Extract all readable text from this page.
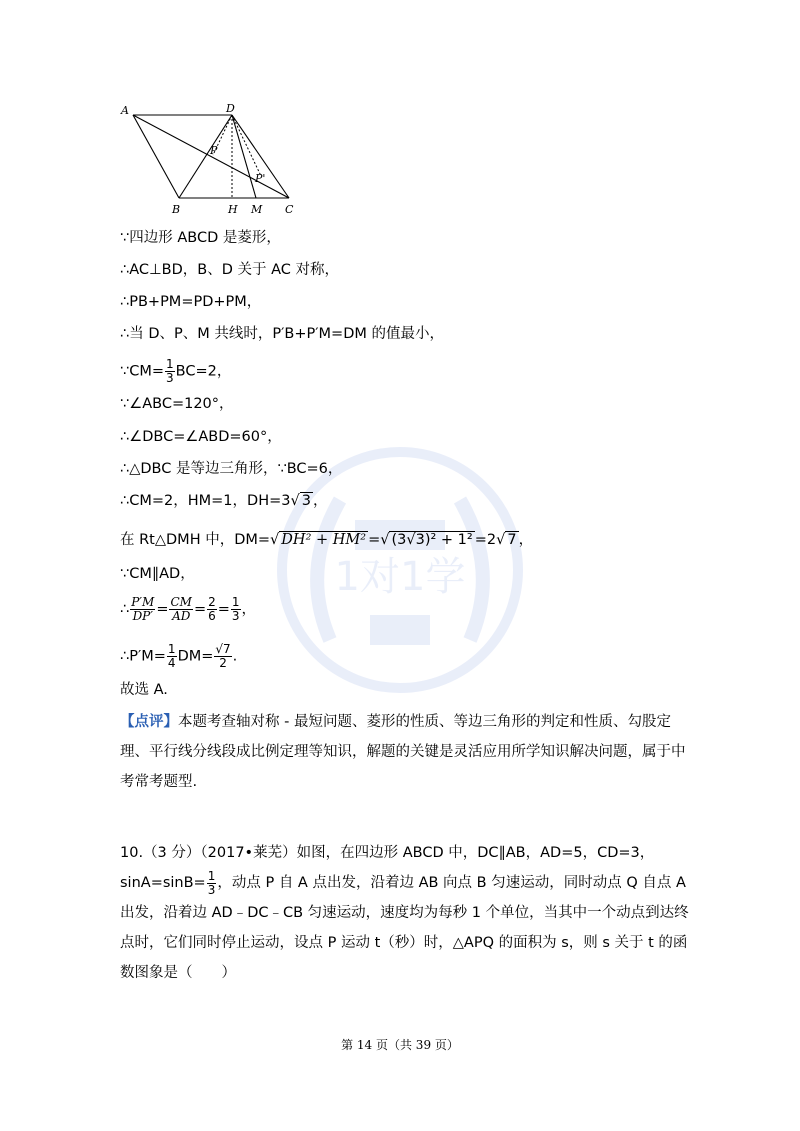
1对1学
A	D
P
P'
B	H M C
∵四边形 ABCD 是菱形，
∴AC⊥BD，B、D 关于 AC 对称，
∴PB+PM=PD+PM，
∴当 D、P、M 共线时，P′B+P′M=DM 的值最小，
∵CM= $\frac{1}{3} BC=2$，
∵∠ABC=120°，
∴∠DBC=∠ABD=60°，
∴△DBC 是等边三角形，∵BC=6，
∴CM=2，HM=1，DH=3√ 3 ，
在 Rt△DMH 中，DM=√ DH² + HM² =√ (3√3)² + 1² =2√ 7 ，
∵CM∥AD，
∴ $\frac{P'M}{DP'} = \frac{CM}{AD} = \frac{2}{6} = \frac{1}{3}$ ，
∴P′M= $\frac{1}{4} DM= \frac{√7}{2}$ .
故选 A.
【点评】本题考查轴对称 - 最短问题、菱形的性质、等边三角形的判定和性质、勾股定理、平行线分线段成比例定理等知识，解题的关键是灵活应用所学知识解决问题，属于中考常考题型.
10.（3 分）（2017•莱芜）如图，在四边形 ABCD 中，DC∥AB，AD=5，CD=3，$\sin A=\sin B= \frac{1}{3}$ ，动点 P 自 A 点出发，沿着边 AB 向点 B 匀速运动，同时动点 Q 自点 A 出发，沿着边 AD﹣DC﹣CB 匀速运动，速度均为每秒 1 个单位，当其中一个动点到达终点时，它们同时停止运动，设点 P 运动 t（秒）时，△APQ 的面积为 s，则 s 关于 t 的函数图象是（　　）
第 14 页（共 39 页）
